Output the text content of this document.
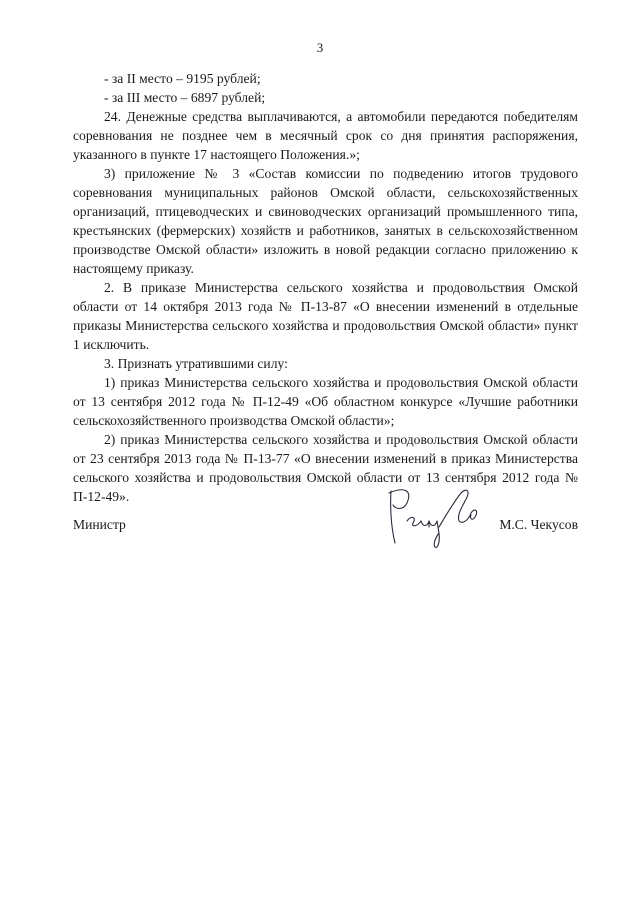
3

- за II место – 9195 рублей;

- за III место – 6897 рублей;

24. Денежные средства выплачиваются, а автомобили передаются победителям соревнования не позднее чем в месячный срок со дня принятия распоряжения, указанного в пункте 17 настоящего Положения.»;

3) приложение № 3 «Состав комиссии по подведению итогов трудового соревнования муниципальных районов Омской области, сельскохозяйственных организаций, птицеводческих и свиноводческих организаций промышленного типа, крестьянских (фермерских) хозяйств и работников, занятых в сельскохозяйственном производстве Омской области» изложить в новой редакции согласно приложению к настоящему приказу.

2. В приказе Министерства сельского хозяйства и продовольствия Омской области от 14 октября 2013 года № П-13-87 «О внесении изменений в отдельные приказы Министерства сельского хозяйства и продовольствия Омской области» пункт 1 исключить.

3. Признать утратившими силу:

1) приказ Министерства сельского хозяйства и продовольствия Омской области от 13 сентября 2012 года № П-12-49 «Об областном конкурсе «Лучшие работники сельскохозяйственного производства Омской области»;

2) приказ Министерства сельского хозяйства и продовольствия Омской области от 23 сентября 2013 года № П-13-77 «О внесении изменений в приказ Министерства сельского хозяйства и продовольствия Омской области от 13 сентября 2012 года № П-12-49».

Министр	М.С. Чекусов
